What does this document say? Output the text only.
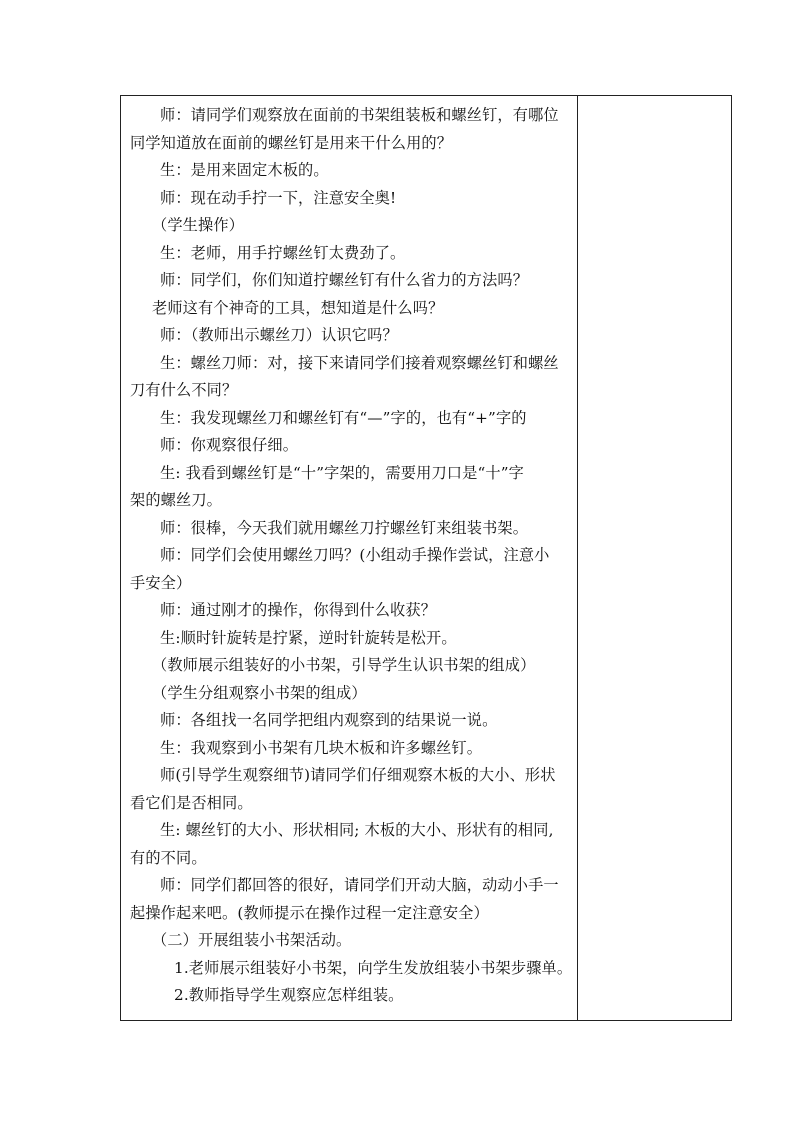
师：请同学们观察放在面前的书架组装板和螺丝钉，有哪位
同学知道放在面前的螺丝钉是用来干什么用的？
生：是用来固定木板的。
师：现在动手拧一下，注意安全奥!
（学生操作）
生：老师，用手拧螺丝钉太费劲了。
师：同学们，你们知道拧螺丝钉有什么省力的方法吗？
老师这有个神奇的工具，想知道是什么吗？
师：（教师出示螺丝刀）认识它吗？
生：螺丝刀师：对，接下来请同学们接着观察螺丝钉和螺丝
刀有什么不同？
生：我发现螺丝刀和螺丝钉有“—”字的，也有“+”字的
师：你观察很仔细。
生: 我看到螺丝钉是“十”字架的，需要用刀口是“十”字
架的螺丝刀。
师：很棒，今天我们就用螺丝刀拧螺丝钉来组装书架。
师：同学们会使用螺丝刀吗？(小组动手操作尝试，注意小
手安全）
师：通过刚才的操作，你得到什么收获？
生:顺时针旋转是拧紧，逆时针旋转是松开。
（教师展示组装好的小书架，引导学生认识书架的组成）
（学生分组观察小书架的组成）
师：各组找一名同学把组内观察到的结果说一说。
生：我观察到小书架有几块木板和许多螺丝钉。
师(引导学生观察细节)请同学们仔细观察木板的大小、形状
看它们是否相同。
生: 螺丝钉的大小、形状相同; 木板的大小、形状有的相同,
有的不同。
师：同学们都回答的很好，请同学们开动大脑，动动小手一
起操作起来吧。(教师提示在操作过程一定注意安全）
（二）开展组装小书架活动。
1.老师展示组装好小书架，向学生发放组装小书架步骤单。
2.教师指导学生观察应怎样组装。
